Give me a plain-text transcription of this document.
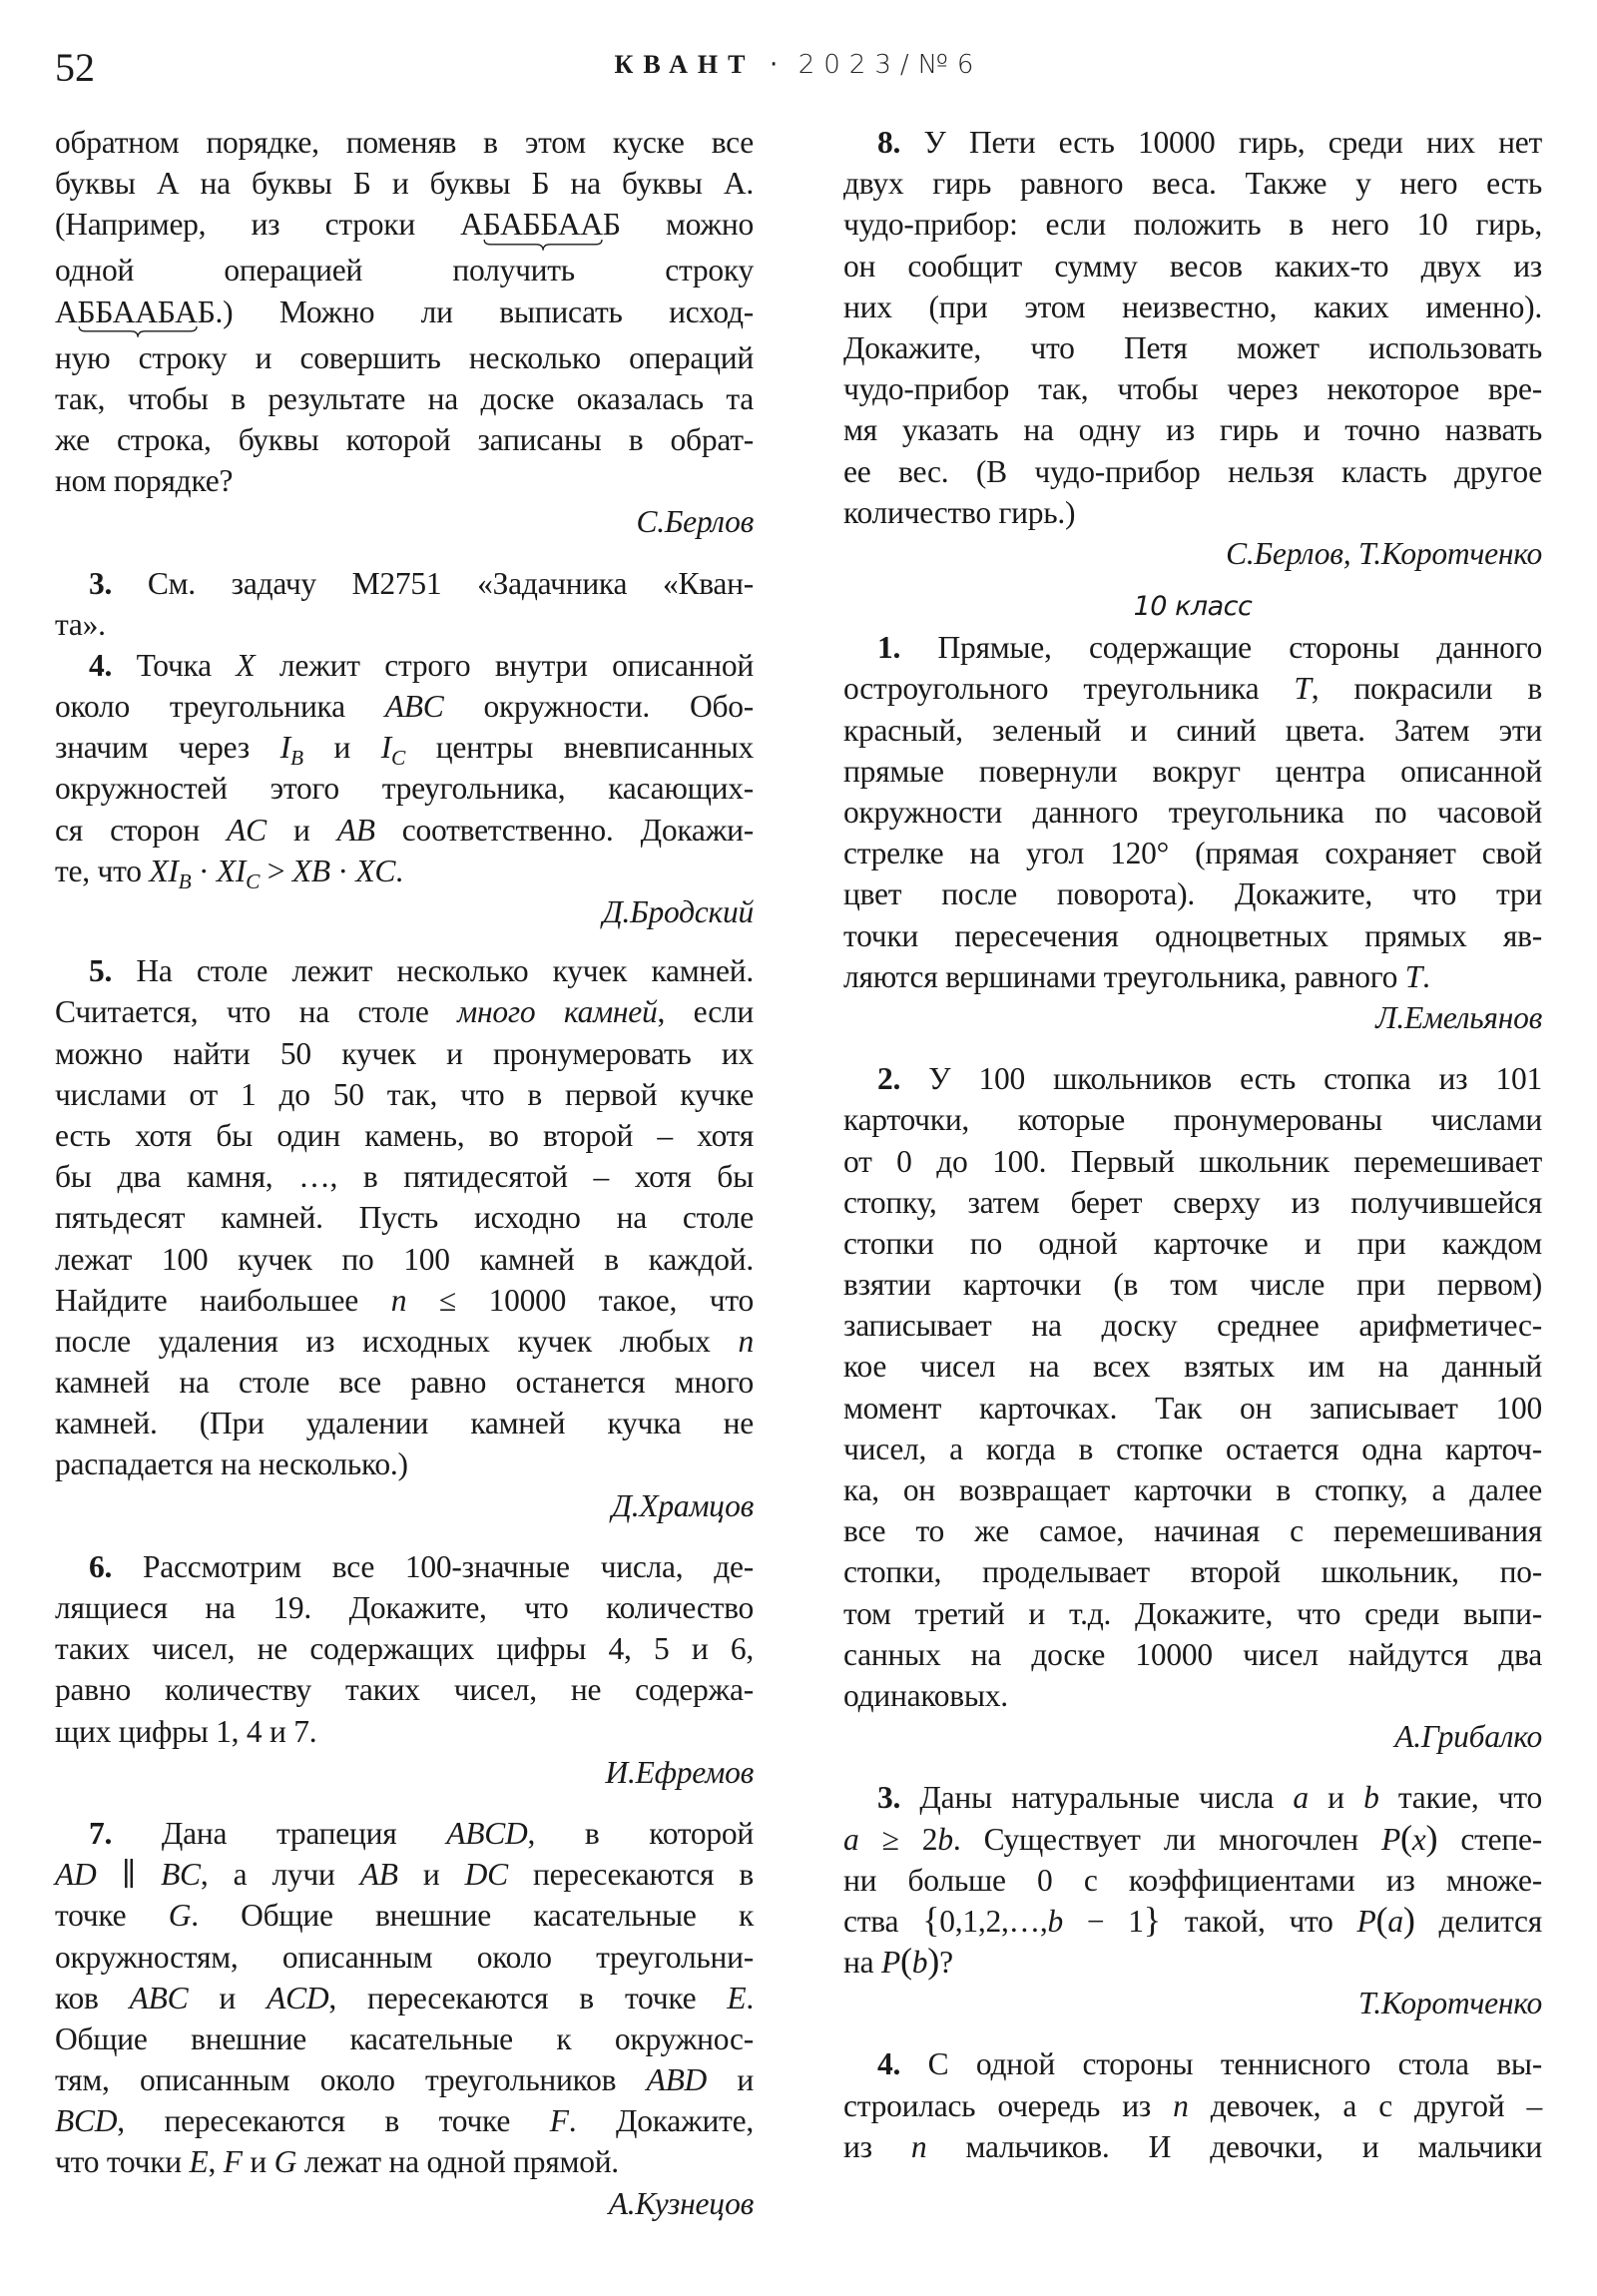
52	КВАНТ · 2023/№6
обратном порядке, поменяв в этом куске все
буквы А на буквы Б и буквы Б на буквы А.
(Например, из строки АБАББАА
Б можно
одной операцией получить строку
АББААБА
Б.) Можно ли выписать исход-
ную строку и совершить несколько операций
так, чтобы в результате на доске оказалась та
же строка, буквы которой записаны в обрат-
ном порядке?
С.Берлов
3. См. задачу М2751 «Задачника «Кван-
та».
4. Точка X лежит строго внутри описанной
около треугольника ABC окружности. Обо-
значим через $I_B$ и $I_C$ центры вневписанных
окружностей этого треугольника, касающих-
ся сторон AC и AB соответственно. Докажи-
те, что $XI_B \cdot XI_C$ > XB · XC.
Д.Бродский
5. На столе лежит несколько кучек камней.
Считается, что на столе много камней, если
можно найти 50 кучек и пронумеровать их
числами от 1 до 50 так, что в первой кучке
есть хотя бы один камень, во второй – хотя
бы два камня, …, в пятидесятой – хотя бы
пятьдесят камней. Пусть исходно на столе
лежат 100 кучек по 100 камней в каждой.
Найдите наибольшее n ≤ 10000 такое, что
после удаления из исходных кучек любых n
камней на столе все равно останется много
камней. (При удалении камней кучка не
распадается на несколько.)
Д.Храмцов
6. Рассмотрим все 100-значные числа, де-
лящиеся на 19. Докажите, что количество
таких чисел, не содержащих цифры 4, 5 и 6,
равно количеству таких чисел, не содержа-
щих цифры 1, 4 и 7.
И.Ефремов
7. Дана трапеция ABCD, в которой
AD ∥ BC, а лучи AB и DC пересекаются в
точке G. Общие внешние касательные к
окружностям, описанным около треугольни-
ков ABC и ACD, пересекаются в точке E.
Общие внешние касательные к окружнос-
тям, описанным около треугольников ABD и
BCD, пересекаются в точке F. Докажите,
что точки E, F и G лежат на одной прямой.
А.Кузнецов
8. У Пети есть 10000 гирь, среди них нет
двух гирь равного веса. Также у него есть
чудо-прибор: если положить в него 10 гирь,
он сообщит сумму весов каких-то двух из
них (при этом неизвестно, каких именно).
Докажите, что Петя может использовать
чудо-прибор так, чтобы через некоторое вре-
мя указать на одну из гирь и точно назвать
ее вес. (В чудо-прибор нельзя класть другое
количество гирь.)
С.Берлов, Т.Коротченко
10 класс
1. Прямые, содержащие стороны данного
остроугольного треугольника T, покрасили в
красный, зеленый и синий цвета. Затем эти
прямые повернули вокруг центра описанной
окружности данного треугольника по часовой
стрелке на угол 120° (прямая сохраняет свой
цвет после поворота). Докажите, что три
точки пересечения одноцветных прямых яв-
ляются вершинами треугольника, равного T.
Л.Емельянов
2. У 100 школьников есть стопка из 101
карточки, которые пронумерованы числами
от 0 до 100. Первый школьник перемешивает
стопку, затем берет сверху из получившейся
стопки по одной карточке и при каждом
взятии карточки (в том числе при первом)
записывает на доску среднее арифметичес-
кое чисел на всех взятых им на данный
момент карточках. Так он записывает 100
чисел, а когда в стопке остается одна карточ-
ка, он возвращает карточки в стопку, а далее
все то же самое, начиная с перемешивания
стопки, проделывает второй школьник, по-
том третий и т.д. Докажите, что среди выпи-
санных на доске 10000 чисел найдутся два
одинаковых.
А.Грибалко
3. Даны натуральные числа a и b такие, что
a ≥ 2b. Существует ли многочлен P(x) степе-
ни больше 0 с коэффициентами из множе-
ства {0,1,2,…,b − 1} такой, что P(a) делится
на P(b)?
Т.Коротченко
4. С одной стороны теннисного стола вы-
строилась очередь из n девочек, а с другой –
из n мальчиков. И девочки, и мальчики
